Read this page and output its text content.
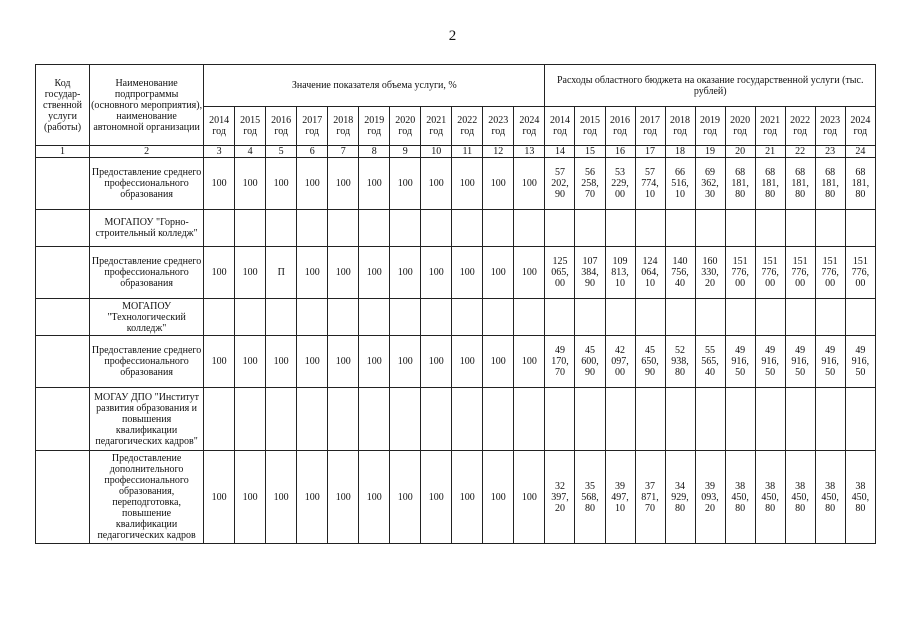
2
Код государ-ственной услуги (работы)	Наименование подпрограммы (основного мероприятия), наименование автономной организации	Значение показателя объема услуги, %											Расходы областного бюджета на оказание государственной услуги (тыс. рублей)										
		2014 год	2015 год	2016 год	2017 год	2018 год	2019 год	2020 год	2021 год	2022 год	2023 год	2024 год	2014 год	2015 год	2016 год	2017 год	2018 год	2019 год	2020 год	2021 год	2022 год	2023 год	2024 год
1	2	3	4	5	6	7	8	9	10	11	12	13	14	15	16	17	18	19	20	21	22	23	24
	Предоставление среднего профессионального образования	100	100	100	100	100	100	100	100	100	100	100	57 202, 90	56 258, 70	53 229, 00	57 774, 10	66 516, 10	69 362, 30	68 181, 80	68 181, 80	68 181, 80	68 181, 80	68 181, 80
	МОГАПОУ "Горно-строительный колледж"																						
	Предоставление среднего профессионального образования	100	100	П	100	100	100	100	100	100	100	100	125 065, 00	107 384, 90	109 813, 10	124 064, 10	140 756, 40	160 330, 20	151 776, 00	151 776, 00	151 776, 00	151 776, 00	151 776, 00
	МОГАПОУ "Технологический колледж"																						
	Предоставление среднего профессионального образования	100	100	100	100	100	100	100	100	100	100	100	49 170, 70	45 600, 90	42 097, 00	45 650, 90	52 938, 80	55 565, 40	49 916, 50	49 916, 50	49 916, 50	49 916, 50	49 916, 50
	МОГАУ ДПО "Институт развития образования и повышения квалификации педагогических кадров"																						
	Предоставление дополнительного профессионального образования, переподготовка, повышение квалификации педагогических кадров	100	100	100	100	100	100	100	100	100	100	100	32 397, 20	35 568, 80	39 497, 10	37 871, 70	34 929, 80	39 093, 20	38 450, 80	38 450, 80	38 450, 80	38 450, 80	38 450, 80
